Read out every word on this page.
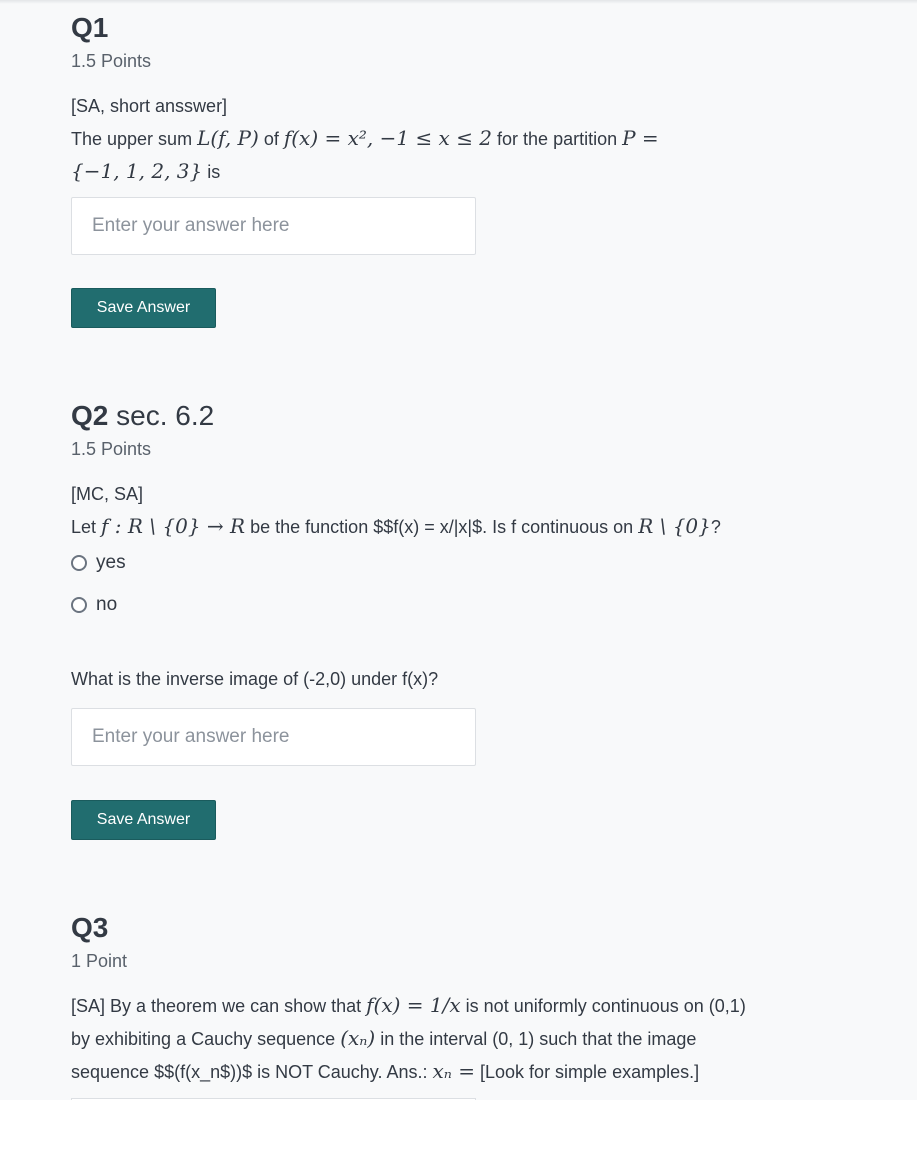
Q1
1.5 Points
[SA, short ansswer]
The upper sum L(f, P) of f(x) = x², −1 ≤ x ≤ 2 for the partition P =
{−1, 1, 2, 3} is
Enter your answer here
Save Answer
Q2 sec. 6.2
1.5 Points
[MC, SA]
Let f : R \ {0} → R be the function $$f(x) = x/|x|$. Is f continuous on R \ {0}?
yes
no
What is the inverse image of (-2,0) under f(x)?
Enter your answer here
Save Answer
Q3
1 Point
[SA] By a theorem we can show that f(x) = 1/x is not uniformly continuous on (0,1)
by exhibiting a Cauchy sequence (xₙ) in the interval (0, 1) such that the image
sequence $$(f(x_n$))$ is NOT Cauchy. Ans.: xₙ = [Look for simple examples.]
